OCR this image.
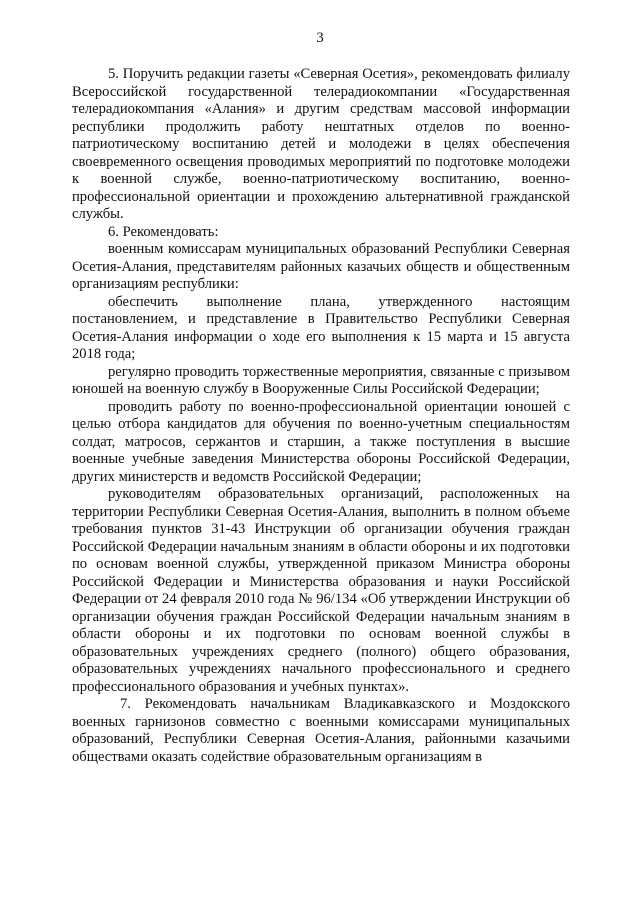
3

5. Поручить редакции газеты «Северная Осетия», рекомендовать филиалу Всероссийской государственной телерадиокомпании «Государственная телерадиокомпания «Алания» и другим средствам массовой информации республики продолжить работу нештатных отделов по военно-патриотическому воспитанию детей и молодежи в целях обеспечения своевременного освещения проводимых мероприятий по подготовке молодежи к военной службе, военно-патриотическому воспитанию, военно-профессиональной ориентации и прохождению альтернативной гражданской службы.

6. Рекомендовать:

военным комиссарам муниципальных образований Республики Северная Осетия-Алания, представителям районных казачьих обществ и общественным организациям республики:

обеспечить выполнение плана, утвержденного настоящим постановлением, и представление в Правительство Республики Северная Осетия-Алания информации о ходе его выполнения к 15 марта и 15 августа 2018 года;

регулярно проводить торжественные мероприятия, связанные с призывом юношей на военную службу в Вооруженные Силы Российской Федерации;

проводить работу по военно-профессиональной ориентации юношей с целью отбора кандидатов для обучения по военно-учетным специальностям солдат, матросов, сержантов и старшин, а также поступления в высшие военные учебные заведения Министерства обороны Российской Федерации, других министерств и ведомств Российской Федерации;

руководителям образовательных организаций, расположенных на территории Республики Северная Осетия-Алания, выполнить в полном объеме требования пунктов 31-43 Инструкции об организации обучения граждан Российской Федерации начальным знаниям в области обороны и их подготовки по основам военной службы, утвержденной приказом Министра обороны Российской Федерации и Министерства образования и науки Российской Федерации от 24 февраля 2010 года № 96/134 «Об утверждении Инструкции об организации обучения граждан Российской Федерации начальным знаниям в области обороны и их подготовки по основам военной службы в образовательных учреждениях среднего (полного) общего образования, образовательных учреждениях начального профессионального и среднего профессионального образования и учебных пунктах».

7. Рекомендовать начальникам Владикавказского и Моздокского военных гарнизонов совместно с военными комиссарами муниципальных образований, Республики Северная Осетия-Алания, районными казачьими обществами оказать содействие образовательным организациям в
